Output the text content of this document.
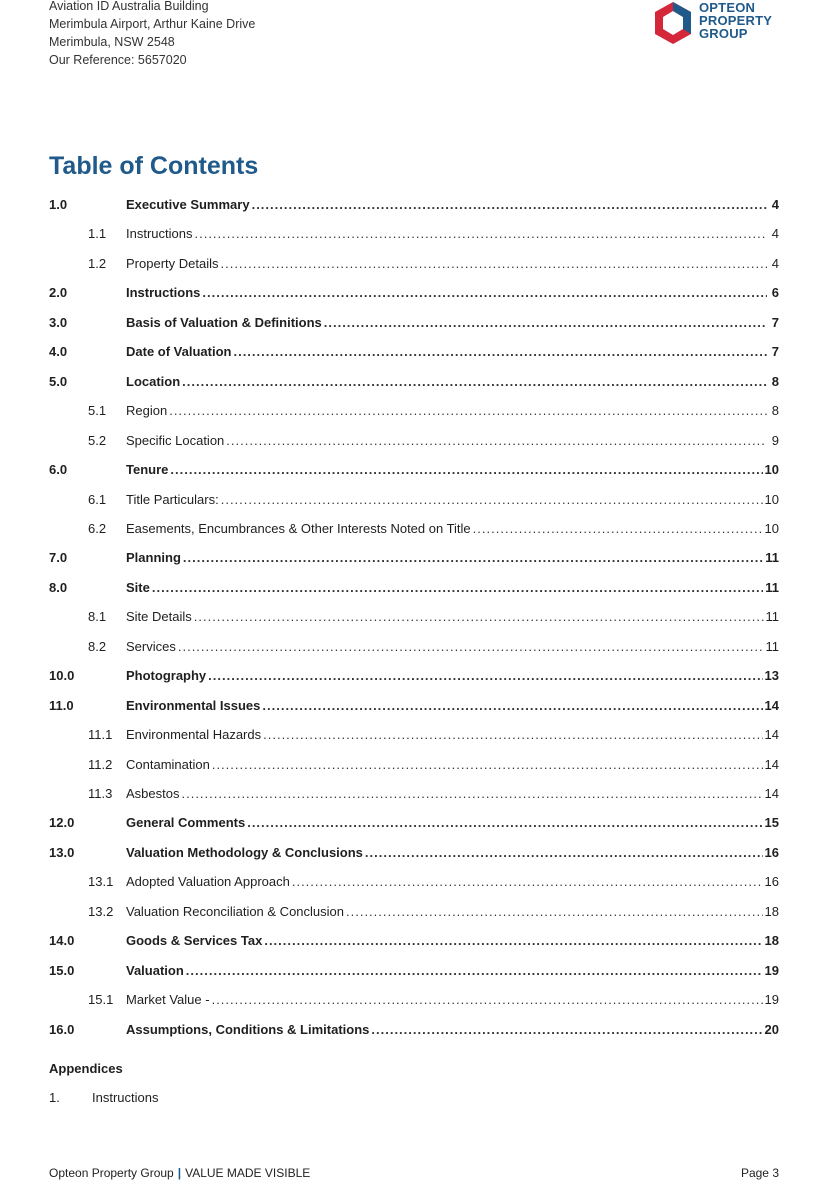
Aviation ID Australia Building
Merimbula Airport, Arthur Kaine Drive
Merimbula, NSW 2548
Our Reference: 5657020
OPTEON
PROPERTY
GROUP
Table of Contents
1.0	Executive Summary .....	4
1.1	Instructions .....	4
1.2	Property Details .....	4
2.0	Instructions .....	6
3.0	Basis of Valuation & Definitions .....	7
4.0	Date of Valuation .....	7
5.0	Location .....	8
5.1	Region .....	8
5.2	Specific Location .....	9
6.0	Tenure .....	10
6.1	Title Particulars: .....	10
6.2	Easements, Encumbrances & Other Interests Noted on Title .....	10
7.0	Planning .....	11
8.0	Site .....	11
8.1	Site Details .....	11
8.2	Services .....	11
10.0	Photography .....	13
11.0	Environmental Issues .....	14
11.1	Environmental Hazards .....	14
11.2	Contamination .....	14
11.3	Asbestos .....	14
12.0	General Comments .....	15
13.0	Valuation Methodology & Conclusions .....	16
13.1 Adopted Valuation Approach .....	16
13.2 Valuation Reconciliation & Conclusion .....	18
14.0	Goods & Services Tax .....	18
15.0	Valuation .....	19
15.1 Market Value - .....	19
16.0	Assumptions, Conditions & Limitations .....	20
Appendices
1.	Instructions
Opteon Property Group | VALUE MADE VISIBLE	Page 3
